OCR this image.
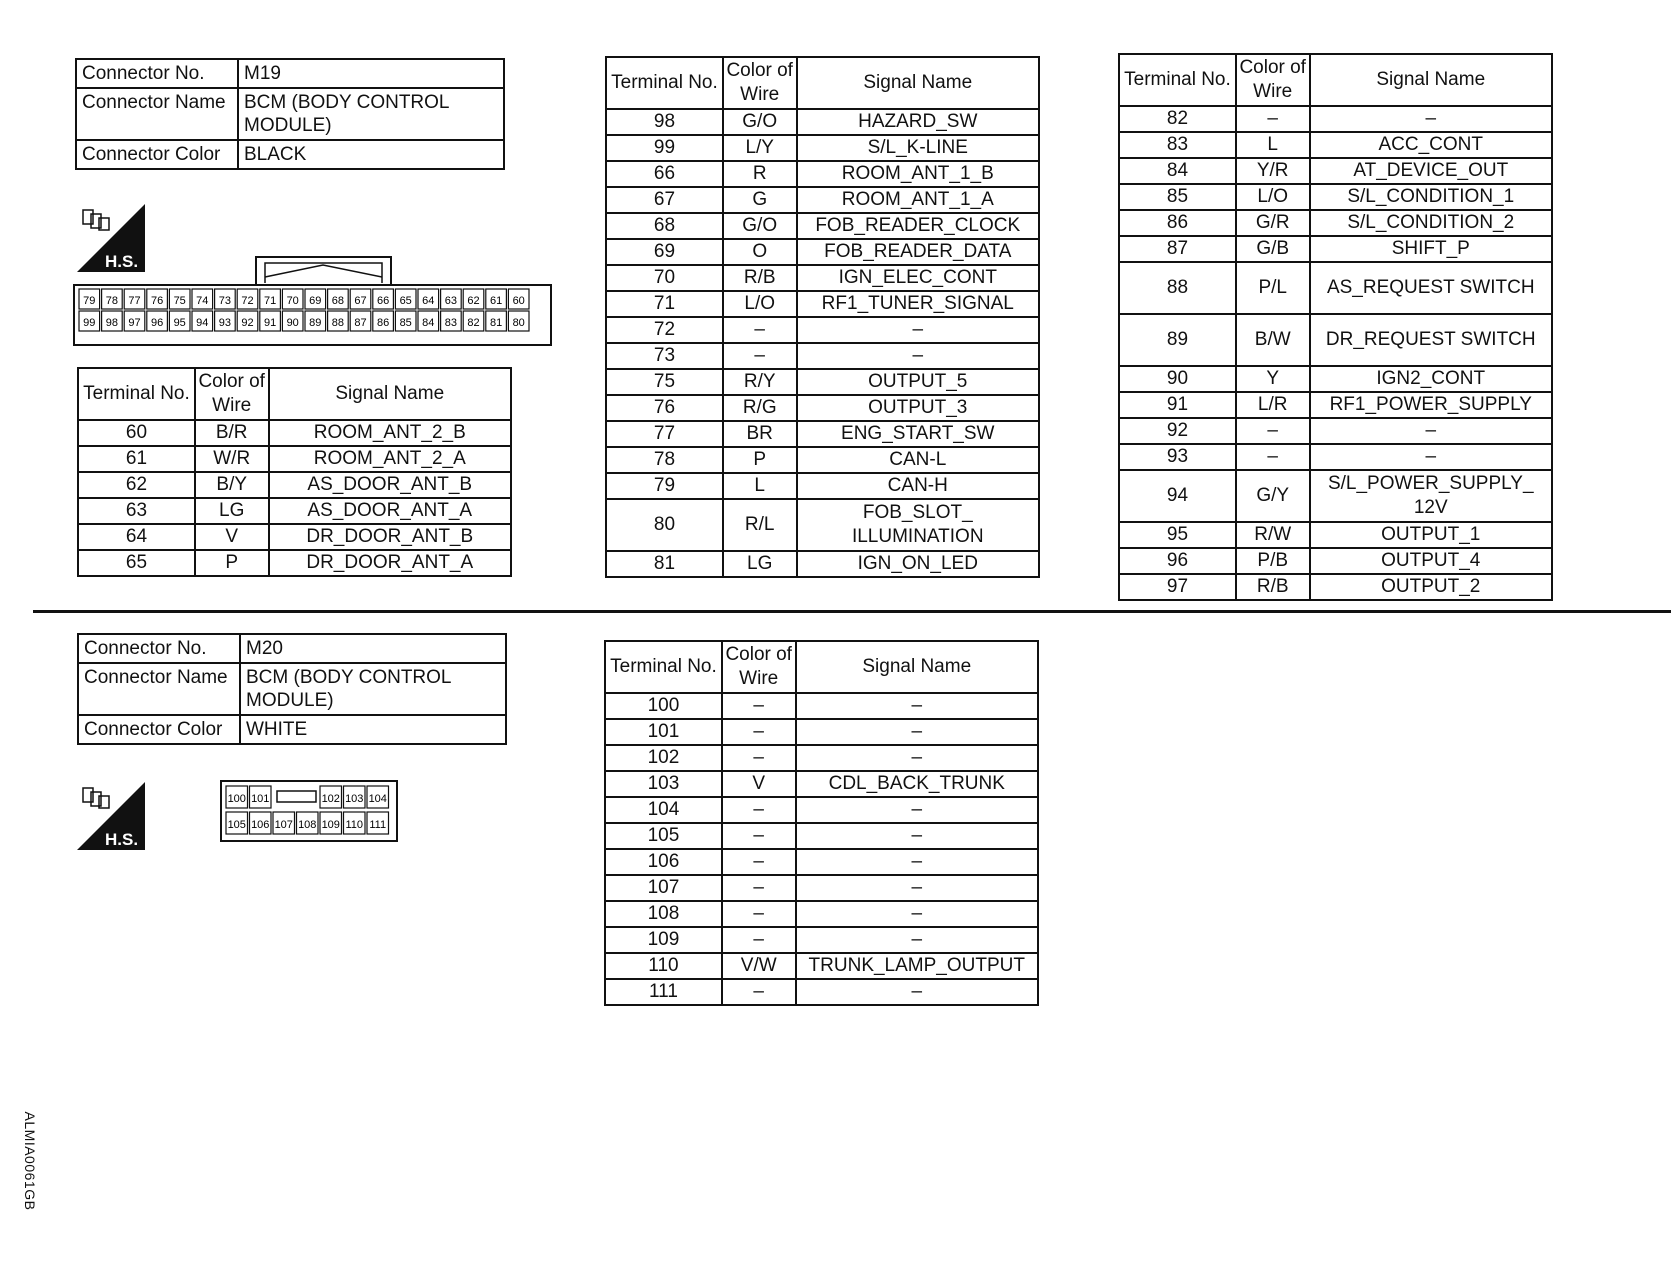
Connector No.	M19
Connector Name	BCM (BODY CONTROL MODULE)
Connector Color	BLACK
H.S.
79 78 77 76 75 74 73 72 71 70 69 68 67 66 65 64 63 62 61 60
99 98 97 96 95 94 93 92 91 90 89 88 87 86 85 84 83 82 81 80
Terminal No.	Color of Wire	Signal Name
60	B/R	ROOM_ANT_2_B
61	W/R	ROOM_ANT_2_A
62	B/Y	AS_DOOR_ANT_B
63	LG	AS_DOOR_ANT_A
64	V	DR_DOOR_ANT_B
65	P	DR_DOOR_ANT_A
Terminal No.	Color of Wire	Signal Name
98	G/O	HAZARD_SW
99	L/Y	S/L_K-LINE
66	R	ROOM_ANT_1_B
67	G	ROOM_ANT_1_A
68	G/O	FOB_READER_CLOCK
69	O	FOB_READER_DATA
70	R/B	IGN_ELEC_CONT
71	L/O	RF1_TUNER_SIGNAL
72	–	–
73	–	–
75	R/Y	OUTPUT_5
76	R/G	OUTPUT_3
77	BR	ENG_START_SW
78	P	CAN-L
79	L	CAN-H
80	R/L	FOB_SLOT_ ILLUMINATION
81	LG	IGN_ON_LED
Terminal No.	Color of Wire	Signal Name
82	–	–
83	L	ACC_CONT
84	Y/R	AT_DEVICE_OUT
85	L/O	S/L_CONDITION_1
86	G/R	S/L_CONDITION_2
87	G/B	SHIFT_P
88	P/L	AS_REQUEST SWITCH
89	B/W	DR_REQUEST SWITCH
90	Y	IGN2_CONT
91	L/R	RF1_POWER_SUPPLY
92	–	–
93	–	–
94	G/Y	S/L_POWER_SUPPLY_ 12V
95	R/W	OUTPUT_1
96	P/B	OUTPUT_4
97	R/B	OUTPUT_2
Connector No.	M20
Connector Name	BCM (BODY CONTROL MODULE)
Connector Color	WHITE
H.S.
100 101	102 103 104
105 106 107 108 109 110 111
Terminal No.	Color of Wire	Signal Name
100	–	–
101	–	–
102	–	–
103	V	CDL_BACK_TRUNK
104	–	–
105	–	–
106	–	–
107	–	–
108	–	–
109	–	–
110	V/W	TRUNK_LAMP_OUTPUT
111	–	–
ALMIA0061GB
